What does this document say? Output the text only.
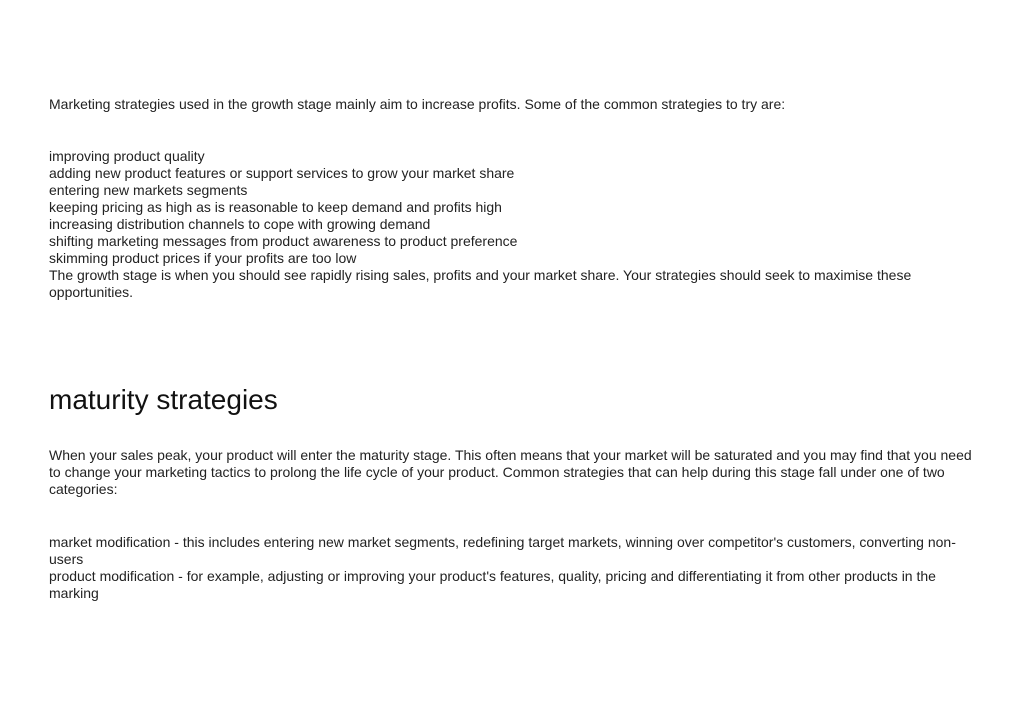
Marketing strategies used in the growth stage mainly aim to increase profits. Some of the common strategies to try are:

improving product quality
adding new product features or support services to grow your market share
entering new markets segments
keeping pricing as high as is reasonable to keep demand and profits high
increasing distribution channels to cope with growing demand
shifting marketing messages from product awareness to product preference
skimming product prices if your profits are too low
The growth stage is when you should see rapidly rising sales, profits and your market share. Your strategies should seek to maximise these opportunities.
maturity strategies

When your sales peak, your product will enter the maturity stage. This often means that your market will be saturated and you may find that you need to change your marketing tactics to prolong the life cycle of your product. Common strategies that can help during this stage fall under one of two categories:

market modification - this includes entering new market segments, redefining target markets, winning over competitor's customers, converting non-users
product modification - for example, adjusting or improving your product's features, quality, pricing and differentiating it from other products in the marking
